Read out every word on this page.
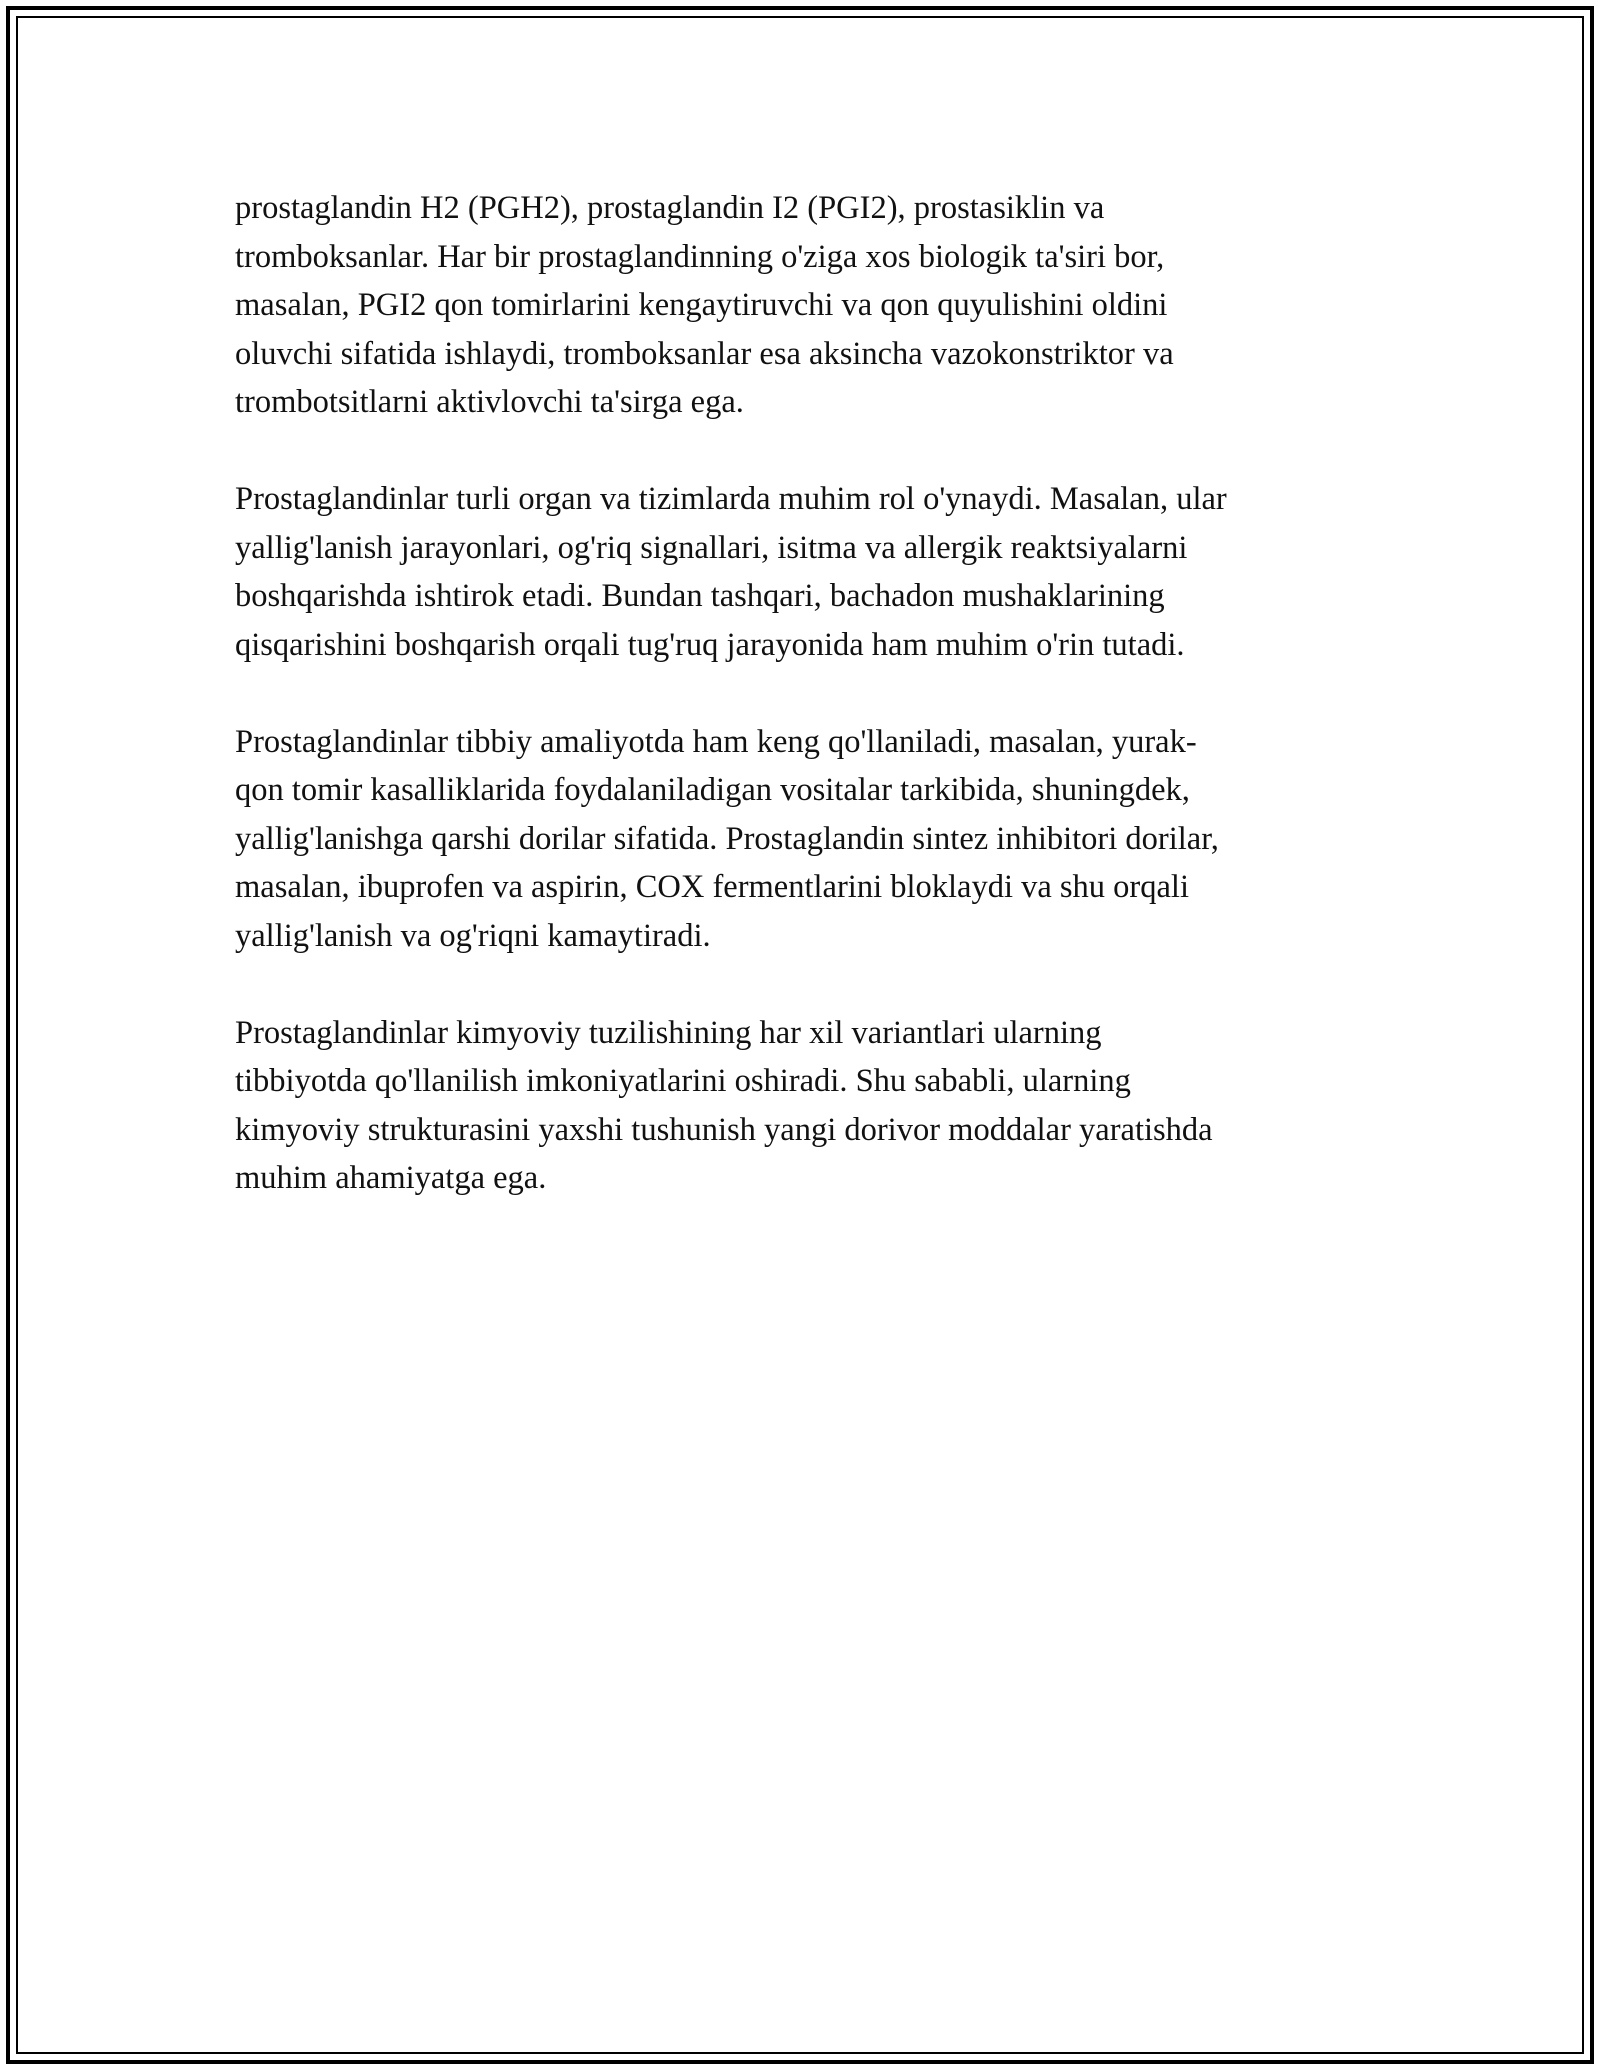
prostaglandin H2 (PGH2), prostaglandin I2 (PGI2), prostasiklin va
tromboksanlar. Har bir prostaglandinning o'ziga xos biologik ta'siri bor,
masalan, PGI2 qon tomirlarini kengaytiruvchi va qon quyulishini oldini
oluvchi sifatida ishlaydi, tromboksanlar esa aksincha vazokonstriktor va
trombotsitlarni aktivlovchi ta'sirga ega.

Prostaglandinlar turli organ va tizimlarda muhim rol o'ynaydi. Masalan, ular
yallig'lanish jarayonlari, og'riq signallari, isitma va allergik reaktsiyalarni
boshqarishda ishtirok etadi. Bundan tashqari, bachadon mushaklarining
qisqarishini boshqarish orqali tug'ruq jarayonida ham muhim o'rin tutadi.

Prostaglandinlar tibbiy amaliyotda ham keng qo'llaniladi, masalan, yurak-
qon tomir kasalliklarida foydalaniladigan vositalar tarkibida, shuningdek,
yallig'lanishga qarshi dorilar sifatida. Prostaglandin sintez inhibitori dorilar,
masalan, ibuprofen va aspirin, COX fermentlarini bloklaydi va shu orqali
yallig'lanish va og'riqni kamaytiradi.

Prostaglandinlar kimyoviy tuzilishining har xil variantlari ularning
tibbiyotda qo'llanilish imkoniyatlarini oshiradi. Shu sababli, ularning
kimyoviy strukturasini yaxshi tushunish yangi dorivor moddalar yaratishda
muhim ahamiyatga ega.
